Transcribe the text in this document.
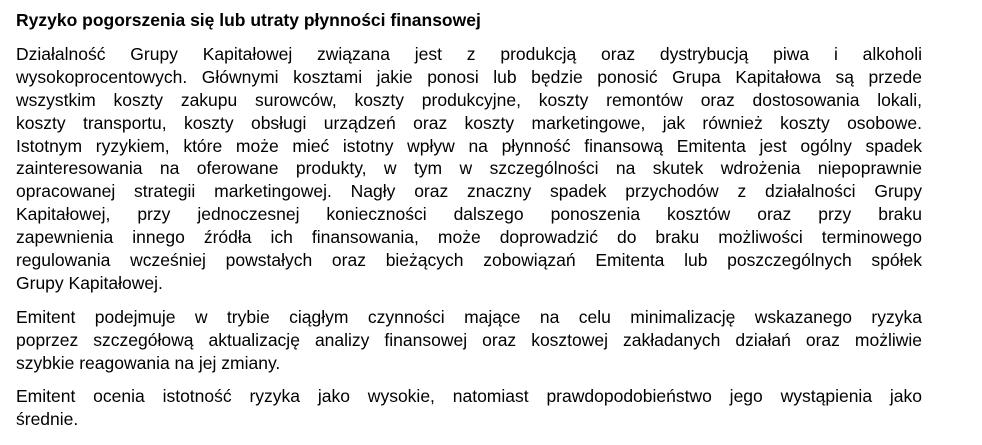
Ryzyko pogorszenia się lub utraty płynności finansowej
Działalność Grupy Kapitałowej związana jest z produkcją oraz dystrybucją piwa i alkoholi
wysokoprocentowych. Głównymi kosztami jakie ponosi lub będzie ponosić Grupa Kapitałowa są przede
wszystkim koszty zakupu surowców, koszty produkcyjne, koszty remontów oraz dostosowania lokali,
koszty transportu, koszty obsługi urządzeń oraz koszty marketingowe, jak również koszty osobowe.
Istotnym ryzykiem, które może mieć istotny wpływ na płynność finansową Emitenta jest ogólny spadek
zainteresowania na oferowane produkty, w tym w szczególności na skutek wdrożenia niepoprawnie
opracowanej strategii marketingowej. Nagły oraz znaczny spadek przychodów z działalności Grupy
Kapitałowej, przy jednoczesnej konieczności dalszego ponoszenia kosztów oraz przy braku
zapewnienia innego źródła ich finansowania, może doprowadzić do braku możliwości terminowego
regulowania wcześniej powstałych oraz bieżących zobowiązań Emitenta lub poszczególnych spółek
Grupy Kapitałowej.
Emitent podejmuje w trybie ciągłym czynności mające na celu minimalizację wskazanego ryzyka
poprzez szczegółową aktualizację analizy finansowej oraz kosztowej zakładanych działań oraz możliwie
szybkie reagowania na jej zmiany.
Emitent ocenia istotność ryzyka jako wysokie, natomiast prawdopodobieństwo jego wystąpienia jako
średnie.
